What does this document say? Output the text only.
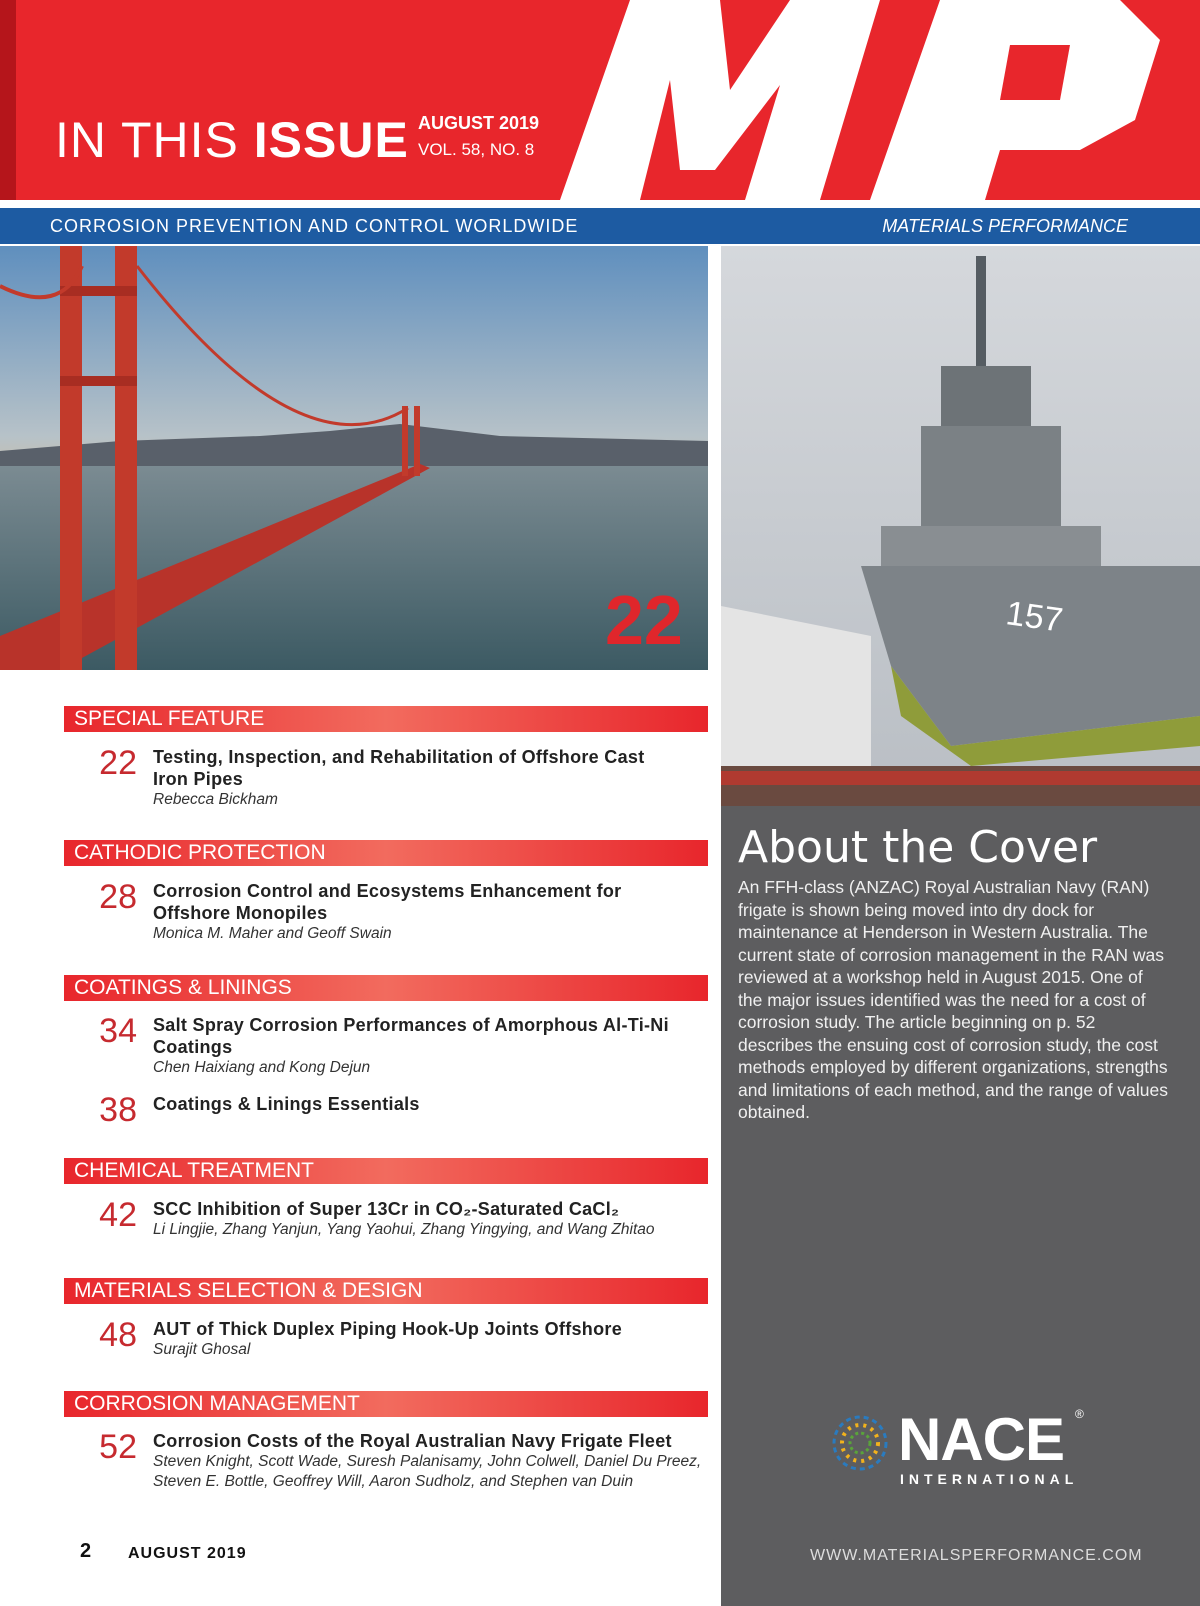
IN THIS ISSUE AUGUST 2019
VOL. 58, NO. 8
CORROSION PREVENTION AND CONTROL WORLDWIDE	MATERIALS PERFORMANCE
22	157
About the Cover
An FFH-class (ANZAC) Royal Australian Navy (RAN) frigate is shown being moved into dry dock for maintenance at Henderson in Western Australia. The current state of corrosion management in the RAN was reviewed at a workshop held in August 2015. One of the major issues identified was the need for a cost of corrosion study. The article beginning on p. 52 describes the ensuing cost of corrosion study, the cost methods employed by different organizations, strengths and limitations of each method, and the range of values obtained.
NACE ®
INTERNATIONAL
WWW.MATERIALSPERFORMANCE.COM
SPECIAL FEATURE
22 Testing, Inspection, and Rehabilitation of Offshore Cast Iron Pipes
Rebecca Bickham
CATHODIC PROTECTION
28 Corrosion Control and Ecosystems Enhancement for Offshore Monopiles
Monica M. Maher and Geoff Swain
COATINGS & LININGS
34 Salt Spray Corrosion Performances of Amorphous Al-Ti-Ni Coatings
Chen Haixiang and Kong Dejun
38 Coatings & Linings Essentials
CHEMICAL TREATMENT
42 SCC Inhibition of Super 13Cr in CO₂-Saturated CaCl₂
Li Lingjie, Zhang Yanjun, Yang Yaohui, Zhang Yingying, and Wang Zhitao
MATERIALS SELECTION & DESIGN
48 AUT of Thick Duplex Piping Hook-Up Joints Offshore
Surajit Ghosal
CORROSION MANAGEMENT
52 Corrosion Costs of the Royal Australian Navy Frigate Fleet
Steven Knight, Scott Wade, Suresh Palanisamy, John Colwell, Daniel Du Preez, Steven E. Bottle, Geoffrey Will, Aaron Sudholz, and Stephen van Duin
2 AUGUST 2019
